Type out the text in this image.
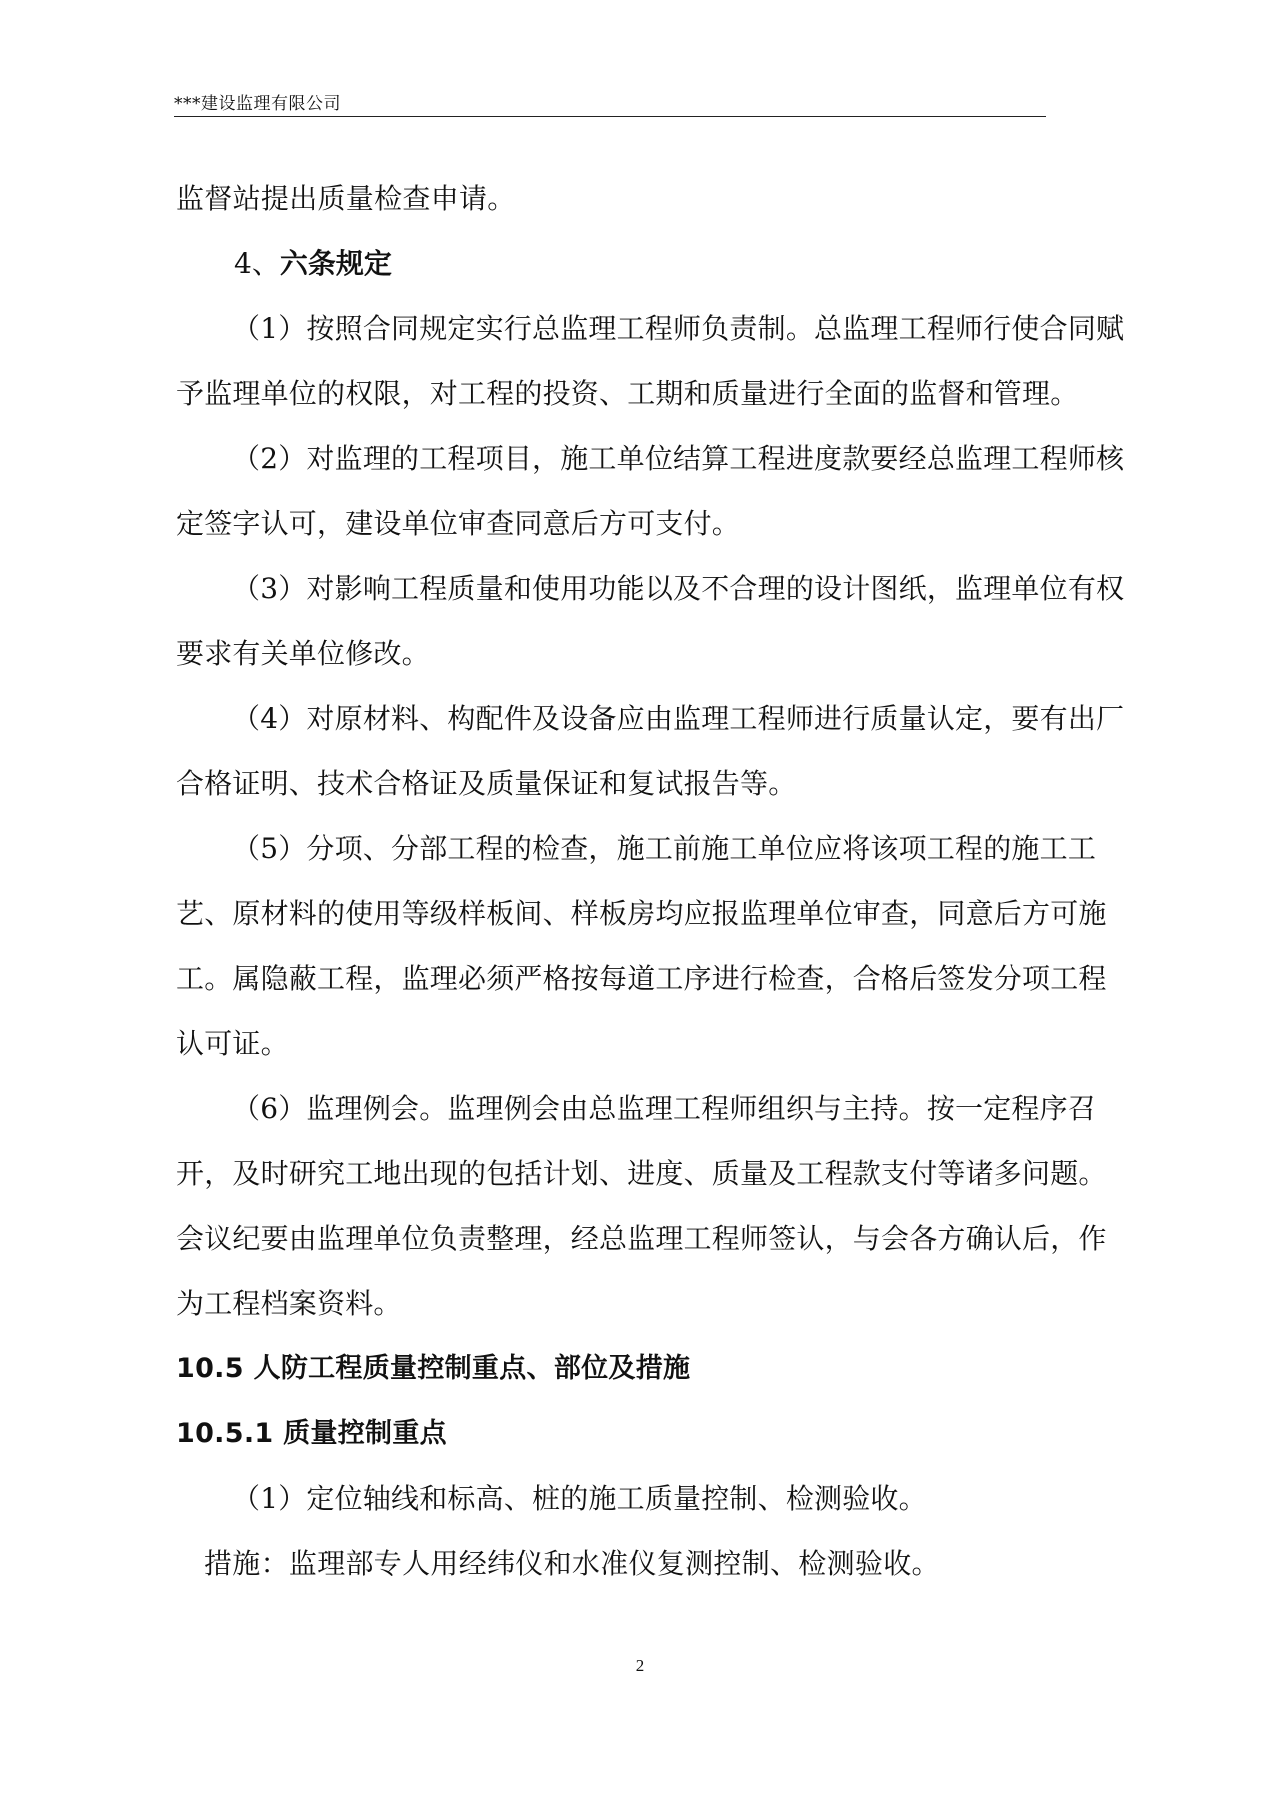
***建设监理有限公司

监督站提出质量检查申请。

4、六条规定

（1）按照合同规定实行总监理工程师负责制。总监理工程师行使合同赋予监理单位的权限，对工程的投资、工期和质量进行全面的监督和管理。

（2）对监理的工程项目，施工单位结算工程进度款要经总监理工程师核定签字认可，建设单位审查同意后方可支付。

（3）对影响工程质量和使用功能以及不合理的设计图纸，监理单位有权要求有关单位修改。

（4）对原材料、构配件及设备应由监理工程师进行质量认定，要有出厂合格证明、技术合格证及质量保证和复试报告等。

（5）分项、分部工程的检查，施工前施工单位应将该项工程的施工工艺、原材料的使用等级样板间、样板房均应报监理单位审查，同意后方可施工。属隐蔽工程，监理必须严格按每道工序进行检查，合格后签发分项工程认可证。

（6）监理例会。监理例会由总监理工程师组织与主持。按一定程序召开，及时研究工地出现的包括计划、进度、质量及工程款支付等诸多问题。会议纪要由监理单位负责整理，经总监理工程师签认，与会各方确认后，作为工程档案资料。

10.5 人防工程质量控制重点、部位及措施

10.5.1 质量控制重点

（1）定位轴线和标高、桩的施工质量控制、检测验收。

措施：监理部专人用经纬仪和水准仪复测控制、检测验收。

2
